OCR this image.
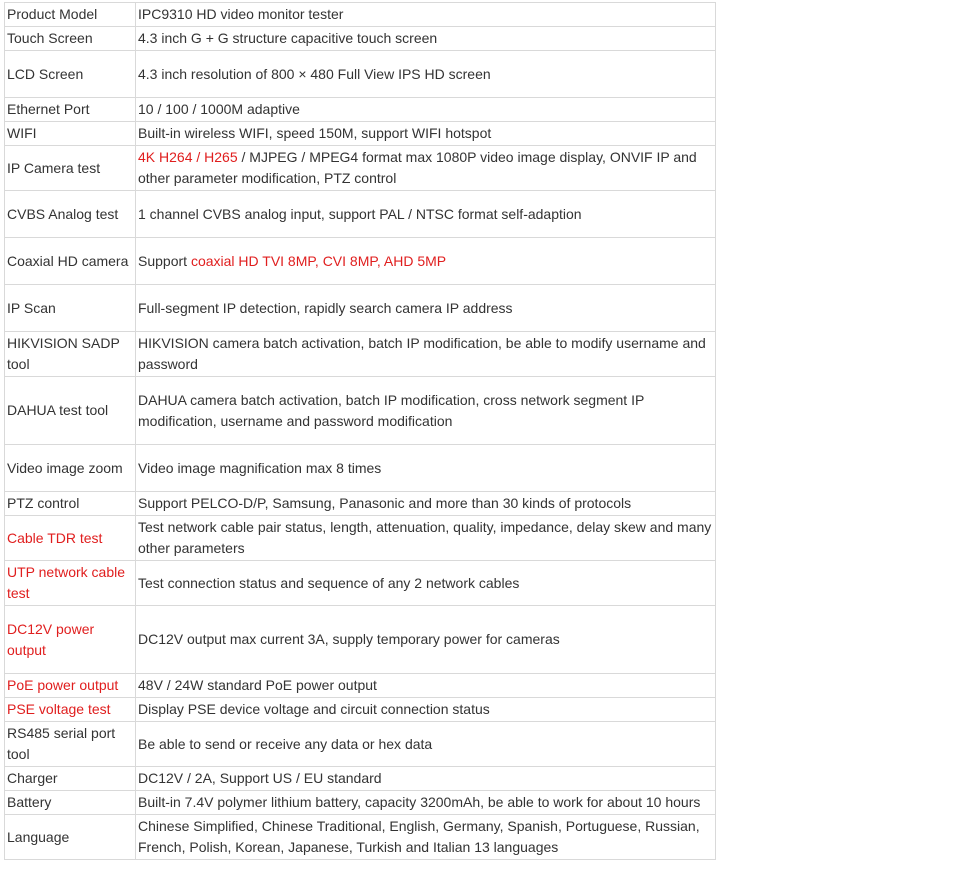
Product Model	IPC9310 HD video monitor tester
Touch Screen	4.3 inch G + G structure capacitive touch screen
LCD Screen	4.3 inch resolution of 800 × 480 Full View IPS HD screen
Ethernet Port	10 / 100 / 1000M adaptive
WIFI	Built-in wireless WIFI, speed 150M, support WIFI hotspot
IP Camera test	4K H264 / H265 / MJPEG / MPEG4 format max 1080P video image display, ONVIF IP and other parameter modification, PTZ control
CVBS Analog test	1 channel CVBS analog input, support PAL / NTSC format self-adaption
Coaxial HD camera	Support coaxial HD TVI 8MP, CVI 8MP, AHD 5MP
IP Scan	Full-segment IP detection, rapidly search camera IP address
HIKVISION SADP tool	HIKVISION camera batch activation, batch IP modification, be able to modify username and password
DAHUA test tool	DAHUA camera batch activation, batch IP modification, cross network segment IP modification, username and password modification
Video image zoom	Video image magnification max 8 times
PTZ control	Support PELCO-D/P, Samsung, Panasonic and more than 30 kinds of protocols
Cable TDR test	Test network cable pair status, length, attenuation, quality, impedance, delay skew and many other parameters
UTP network cable test	Test connection status and sequence of any 2 network cables
DC12V power output	DC12V output max current 3A, supply temporary power for cameras
PoE power output	48V / 24W standard PoE power output
PSE voltage test	Display PSE device voltage and circuit connection status
RS485 serial port tool	Be able to send or receive any data or hex data
Charger	DC12V / 2A, Support US / EU standard
Battery	Built-in 7.4V polymer lithium battery, capacity 3200mAh, be able to work for about 10 hours
Language	Chinese Simplified, Chinese Traditional, English, Germany, Spanish, Portuguese, Russian, French, Polish, Korean, Japanese, Turkish and Italian 13 languages
